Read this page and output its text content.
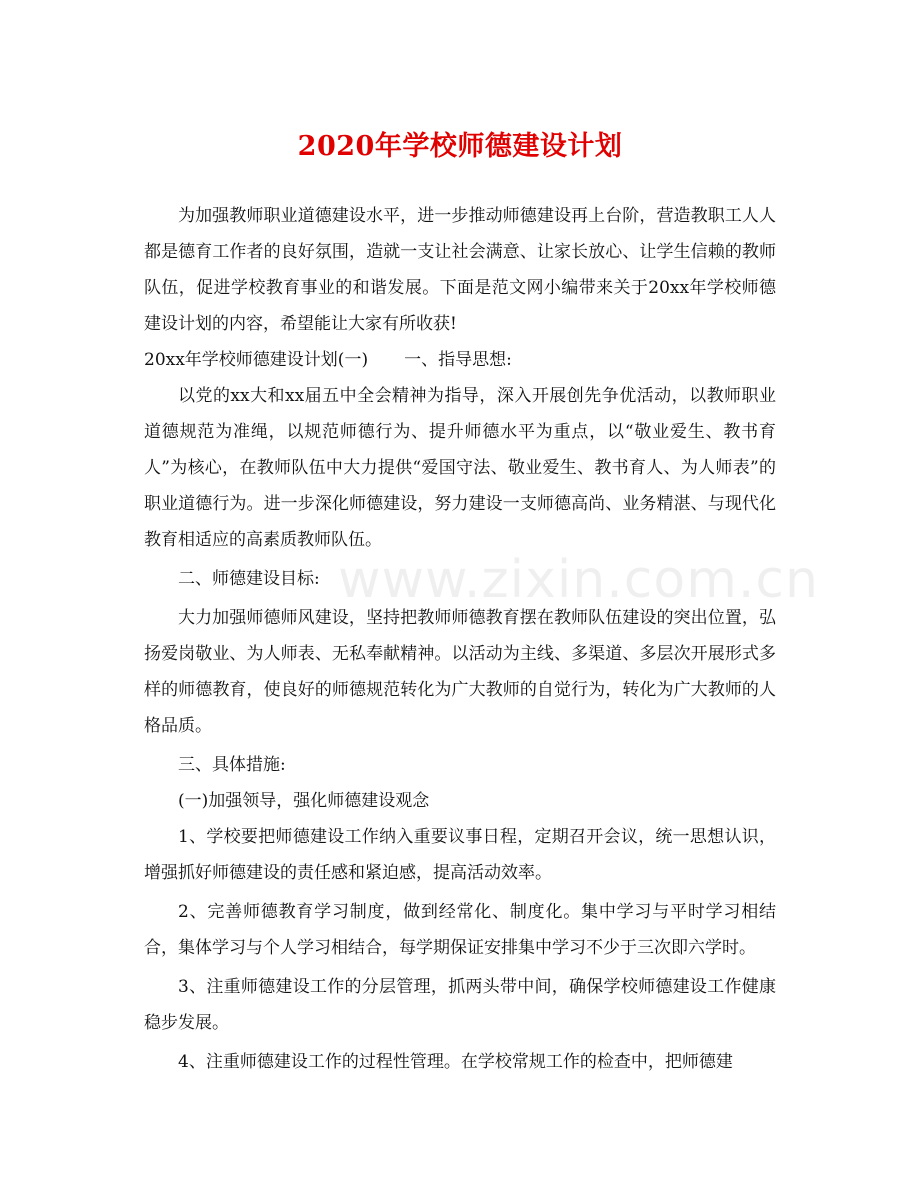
2020年学校师德建设计划
www.zixin.com.cn

为加强教师职业道德建设水平，进一步推动师德建设再上台阶，营造教职工人人都是德育工作者的良好氛围，造就一支让社会满意、让家长放心、让学生信赖的教师队伍，促进学校教育事业的和谐发展。下面是范文网小编带来关于20xx年学校师德建设计划的内容，希望能让大家有所收获!

20xx年学校师德建设计划(一) 一、指导思想:

以党的xx大和xx届五中全会精神为指导，深入开展创先争优活动，以教师职业道德规范为准绳，以规范师德行为、提升师德水平为重点，以“敬业爱生、教书育人”为核心，在教师队伍中大力提供“爱国守法、敬业爱生、教书育人、为人师表”的职业道德行为。进一步深化师德建设，努力建设一支师德高尚、业务精湛、与现代化教育相适应的高素质教师队伍。

二、师德建设目标:

大力加强师德师风建设，坚持把教师师德教育摆在教师队伍建设的突出位置，弘扬爱岗敬业、为人师表、无私奉献精神。以活动为主线、多渠道、多层次开展形式多样的师德教育，使良好的师德规范转化为广大教师的自觉行为，转化为广大教师的人格品质。

三、具体措施:

(一)加强领导，强化师德建设观念

1、学校要把师德建设工作纳入重要议事日程，定期召开会议，统一思想认识，增强抓好师德建设的责任感和紧迫感，提高活动效率。

2、完善师德教育学习制度，做到经常化、制度化。集中学习与平时学习相结合，集体学习与个人学习相结合，每学期保证安排集中学习不少于三次即六学时。

3、注重师德建设工作的分层管理，抓两头带中间，确保学校师德建设工作健康稳步发展。

4、注重师德建设工作的过程性管理。在学校常规工作的检查中，把师德建
